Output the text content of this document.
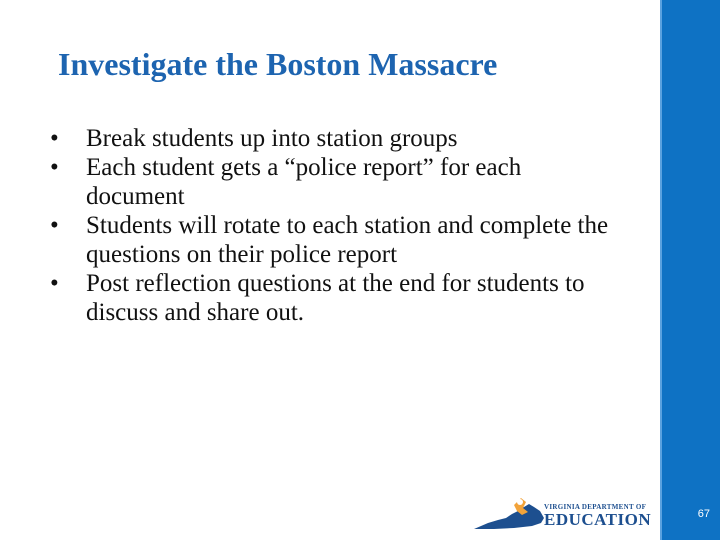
Investigate the Boston Massacre
• Break students up into station groups
• Each student gets a “police report” for each document
• Students will rotate to each station and complete the questions on their police report
• Post reflection questions at the end for students to discuss and share out.
VIRGINIA DEPARTMENT OF
EDUCATION	67
